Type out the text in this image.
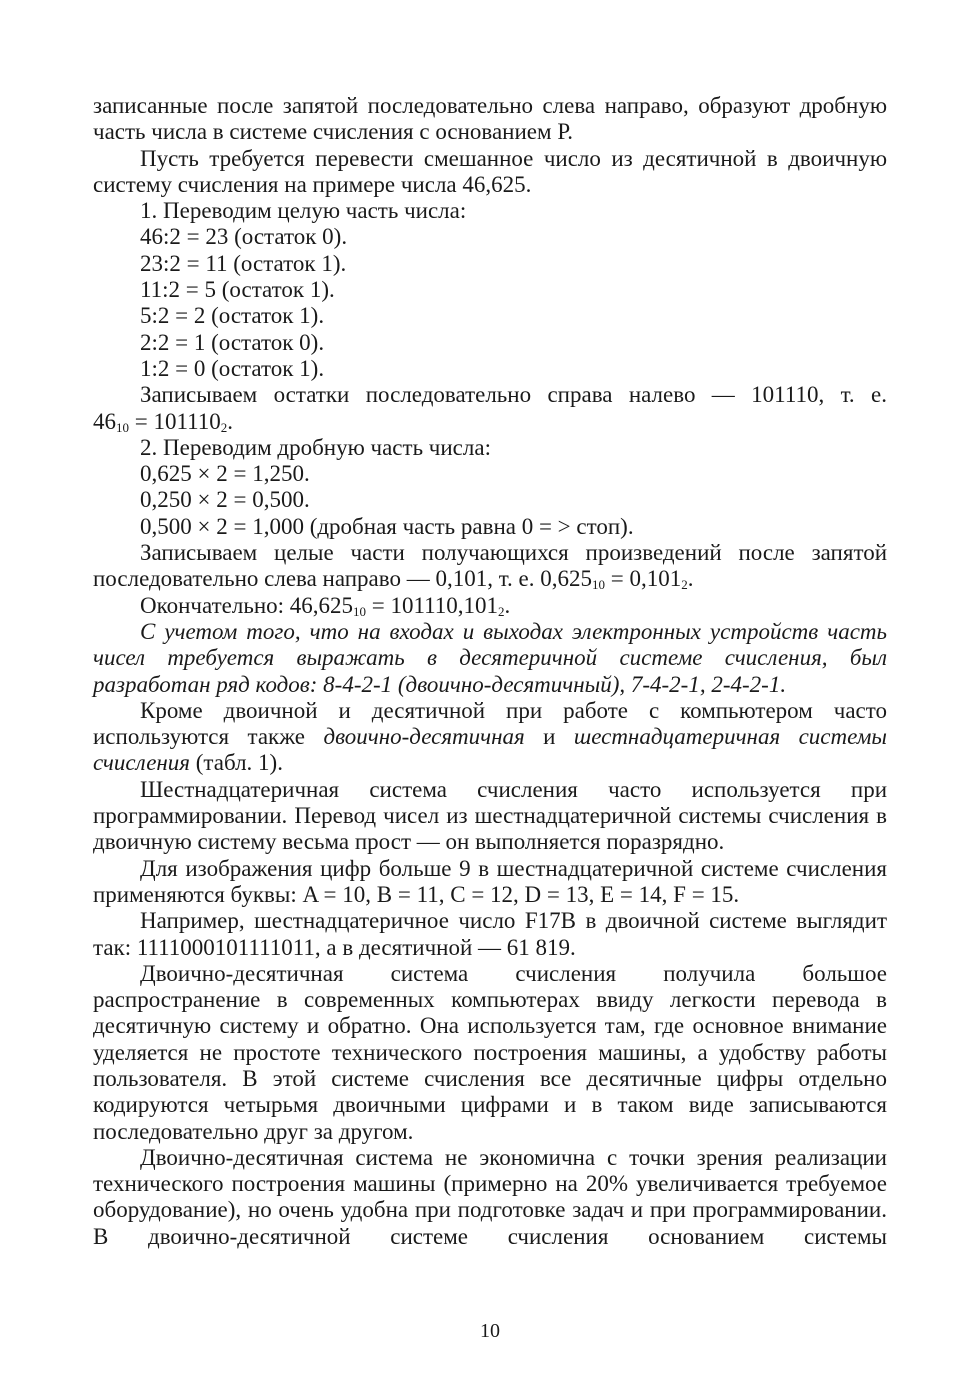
записанные после запятой последовательно слева направо, образуют дробную часть числа в системе счисления с основанием Р.

Пусть требуется перевести смешанное число из десятичной в двоичную систему счисления на примере числа 46,625.

1. Переводим целую часть числа:

46:2 = 23 (остаток 0).

23:2 = 11 (остаток 1).

11:2 = 5 (остаток 1).

5:2 = 2 (остаток 1).

2:2 = 1 (остаток 0).

1:2 = 0 (остаток 1).

Записываем остатки последовательно справа налево — 101110, т. е.

$46_{10} = 101110_2$.

2. Переводим дробную часть числа:

0,625 × 2 = 1,250.

0,250 × 2 = 0,500.

0,500 × 2 = 1,000 (дробная часть равна 0 = > стоп).

Записываем целые части получающихся произведений после запятой последовательно слева направо — 0,101, т. е. $0,625_{10} = 0,101_2$.

Окончательно: $46,625_{10} = 101110,101_2$.

С учетом того, что на входах и выходах электронных устройств часть чисел требуется выражать в десятеричной системе счисления, был разработан ряд кодов: 8-4-2-1 (двоично-десятичный), 7-4-2-1, 2-4-2-1.

Кроме двоичной и десятичной при работе с компьютером часто используются также двоично-десятичная и шестнадцатеричная системы счисления (табл. 1).

Шестнадцатеричная система счисления часто используется при программировании. Перевод чисел из шестнадцатеричной системы счисления в двоичную систему весьма прост — он выполняется поразрядно.

Для изображения цифр больше 9 в шестнадцатеричной системе счисления применяются буквы: A = 10, B = 11, C = 12, D = 13, E = 14, F = 15.

Например, шестнадцатеричное число F17B в двоичной системе выглядит так: 1111000101111011, а в десятичной — 61 819.

Двоично-десятичная система счисления получила большое распространение в современных компьютерах ввиду легкости перевода в десятичную систему и обратно. Она используется там, где основное внимание уделяется не простоте технического построения машины, а удобству работы пользователя. В этой системе счисления все десятичные цифры отдельно кодируются четырьмя двоичными цифрами и в таком виде записываются последовательно друг за другом.

Двоично-десятичная система не экономична с точки зрения реализации технического построения машины (примерно на 20% увеличивается требуемое оборудование), но очень удобна при подготовке задач и при программировании. В двоично-десятичной системе счисления основанием системы

10
